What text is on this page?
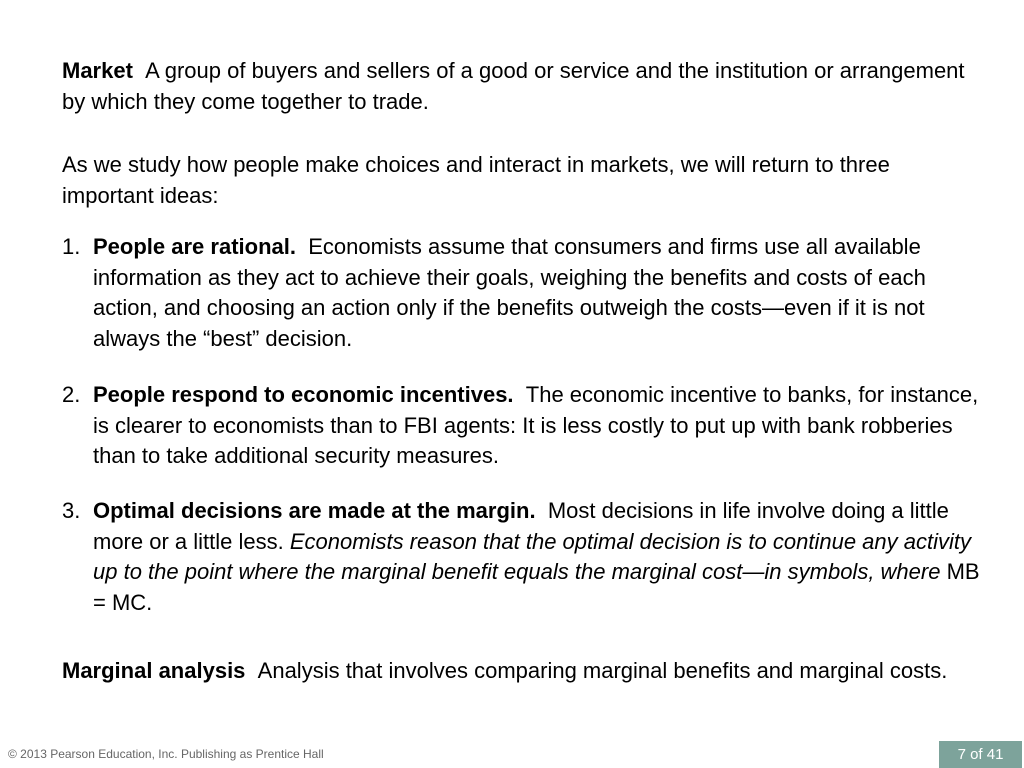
Market A group of buyers and sellers of a good or service and the institution or arrangement by which they come together to trade.

As we study how people make choices and interact in markets, we will return to three important ideas:

1. People are rational. Economists assume that consumers and firms use all available information as they act to achieve their goals, weighing the benefits and costs of each action, and choosing an action only if the benefits outweigh the costs—even if it is not always the “best” decision.
2. People respond to economic incentives. The economic incentive to banks, for instance, is clearer to economists than to FBI agents: It is less costly to put up with bank robberies than to take additional security measures.
3. Optimal decisions are made at the margin. Most decisions in life involve doing a little more or a little less. Economists reason that the optimal decision is to continue any activity up to the point where the marginal benefit equals the marginal cost—in symbols, where MB = MC.

Marginal analysis Analysis that involves comparing marginal benefits and marginal costs.

© 2013 Pearson Education, Inc. Publishing as Prentice Hall	7 of 41
